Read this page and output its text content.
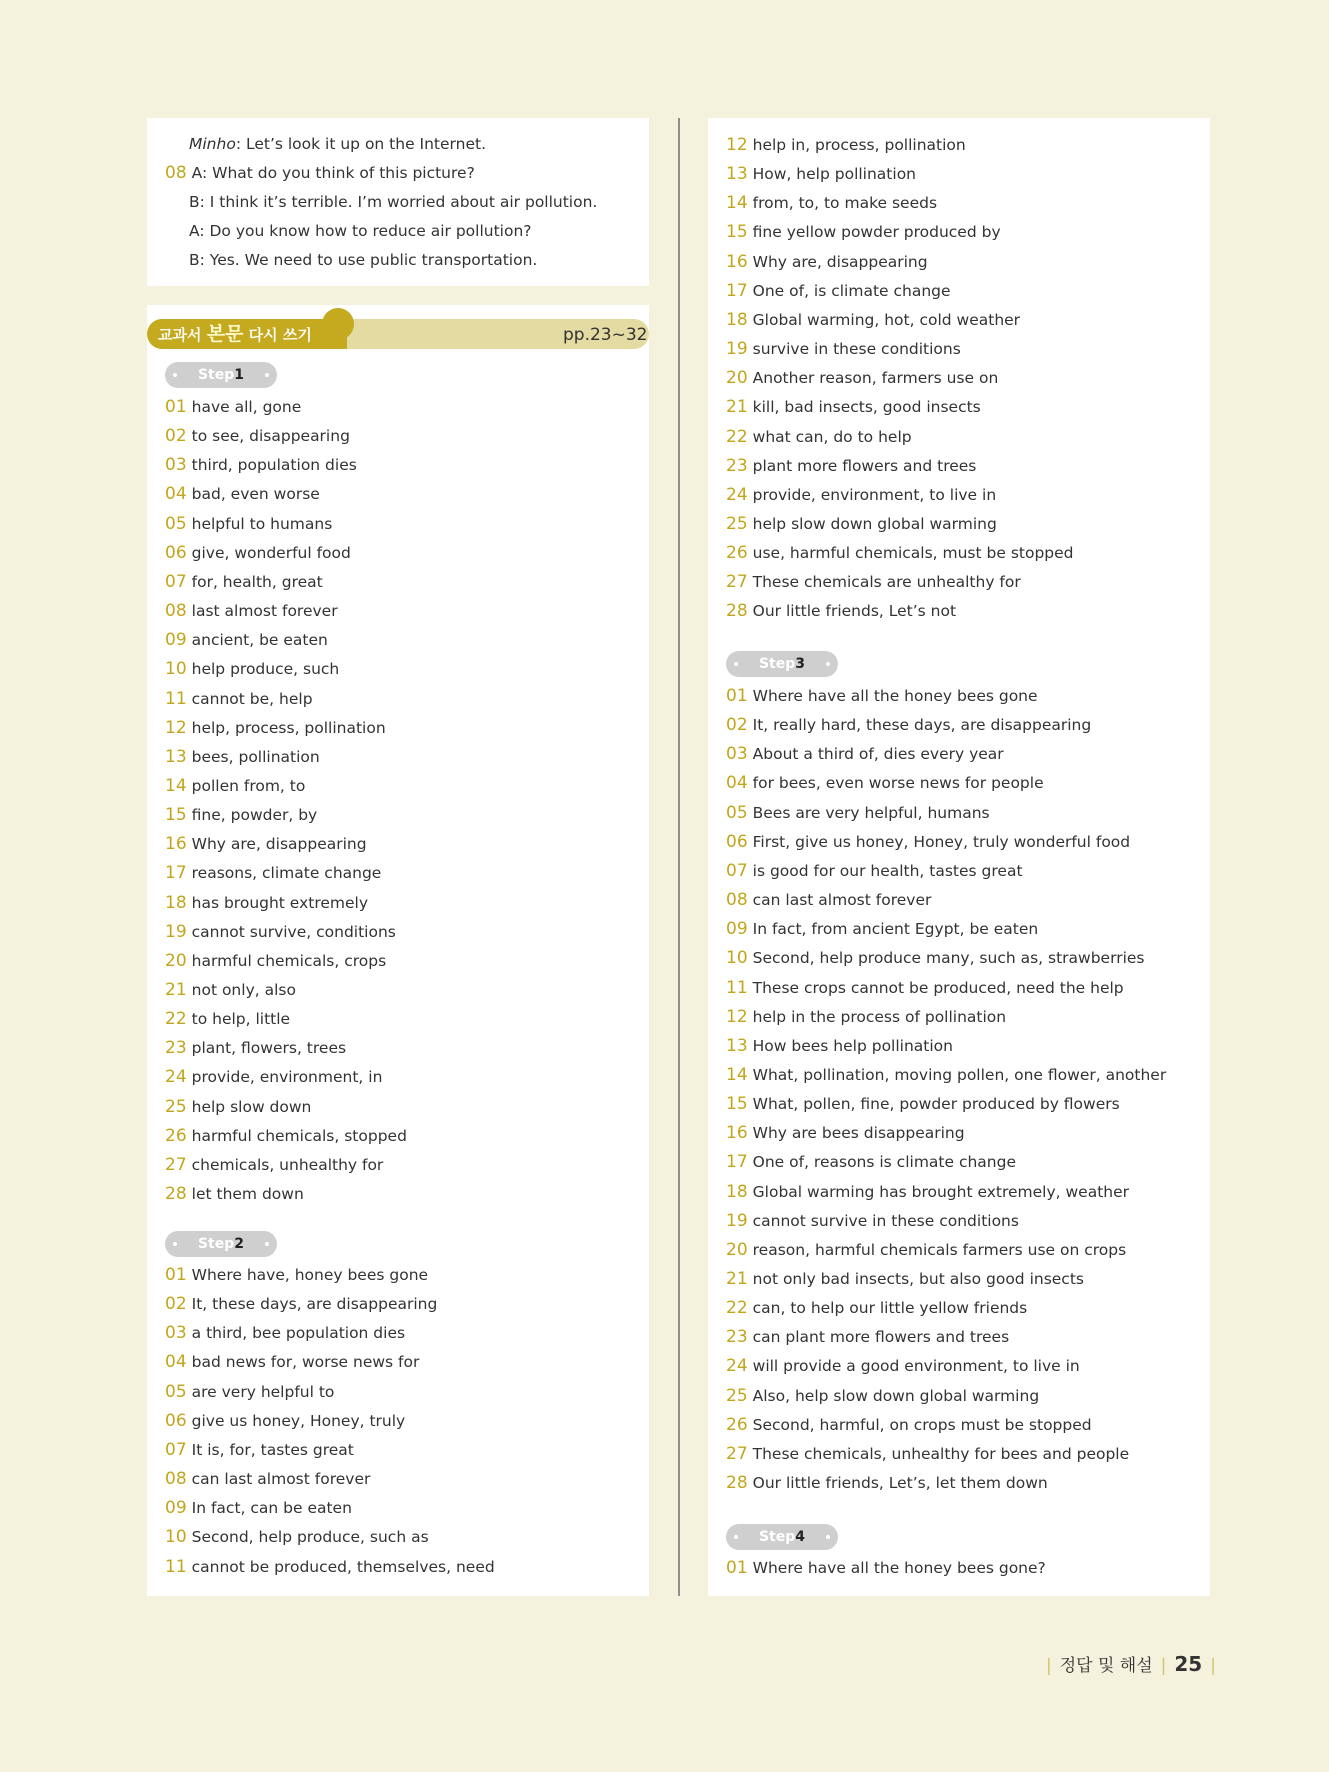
Minho: Let’s look it up on the Internet.
08 A: What do you think of this picture?
B: I think it’s terrible. I’m worried about air pollution.
A: Do you know how to reduce air pollution?
B: Yes. We need to use public transportation.
교과서 본문 다시 쓰기	pp.23~32
Step1
Step2
Step3
Step4
01 have all, gone
02 to see, disappearing
03 third, population dies
04 bad, even worse
05 helpful to humans
06 give, wonderful food
07 for, health, great
08 last almost forever
09 ancient, be eaten
10 help produce, such
11 cannot be, help
12 help, process, pollination
13 bees, pollination
14 pollen from, to
15 fine, powder, by
16 Why are, disappearing
17 reasons, climate change
18 has brought extremely
19 cannot survive, conditions
20 harmful chemicals, crops
21 not only, also
22 to help, little
23 plant, flowers, trees
24 provide, environment, in
25 help slow down
26 harmful chemicals, stopped
27 chemicals, unhealthy for
28 let them down
01 Where have, honey bees gone
02 It, these days, are disappearing
03 a third, bee population dies
04 bad news for, worse news for
05 are very helpful to
06 give us honey, Honey, truly
07 It is, for, tastes great
08 can last almost forever
09 In fact, can be eaten
10 Second, help produce, such as
11 cannot be produced, themselves, need
12 help in, process, pollination
13 How, help pollination
14 from, to, to make seeds
15 fine yellow powder produced by
16 Why are, disappearing
17 One of, is climate change
18 Global warming, hot, cold weather
19 survive in these conditions
20 Another reason, farmers use on
21 kill, bad insects, good insects
22 what can, do to help
23 plant more flowers and trees
24 provide, environment, to live in
25 help slow down global warming
26 use, harmful chemicals, must be stopped
27 These chemicals are unhealthy for
28 Our little friends, Let’s not
01 Where have all the honey bees gone
02 It, really hard, these days, are disappearing
03 About a third of, dies every year
04 for bees, even worse news for people
05 Bees are very helpful, humans
06 First, give us honey, Honey, truly wonderful food
07 is good for our health, tastes great
08 can last almost forever
09 In fact, from ancient Egypt, be eaten
10 Second, help produce many, such as, strawberries
11 These crops cannot be produced, need the help
12 help in the process of pollination
13 How bees help pollination
14 What, pollination, moving pollen, one flower, another
15 What, pollen, fine, powder produced by flowers
16 Why are bees disappearing
17 One of, reasons is climate change
18 Global warming has brought extremely, weather
19 cannot survive in these conditions
20 reason, harmful chemicals farmers use on crops
21 not only bad insects, but also good insects
22 can, to help our little yellow friends
23 can plant more flowers and trees
24 will provide a good environment, to live in
25 Also, help slow down global warming
26 Second, harmful, on crops must be stopped
27 These chemicals, unhealthy for bees and people
28 Our little friends, Let’s, let them down
01 Where have all the honey bees gone?
| 정답 및 해설 | 25 |
